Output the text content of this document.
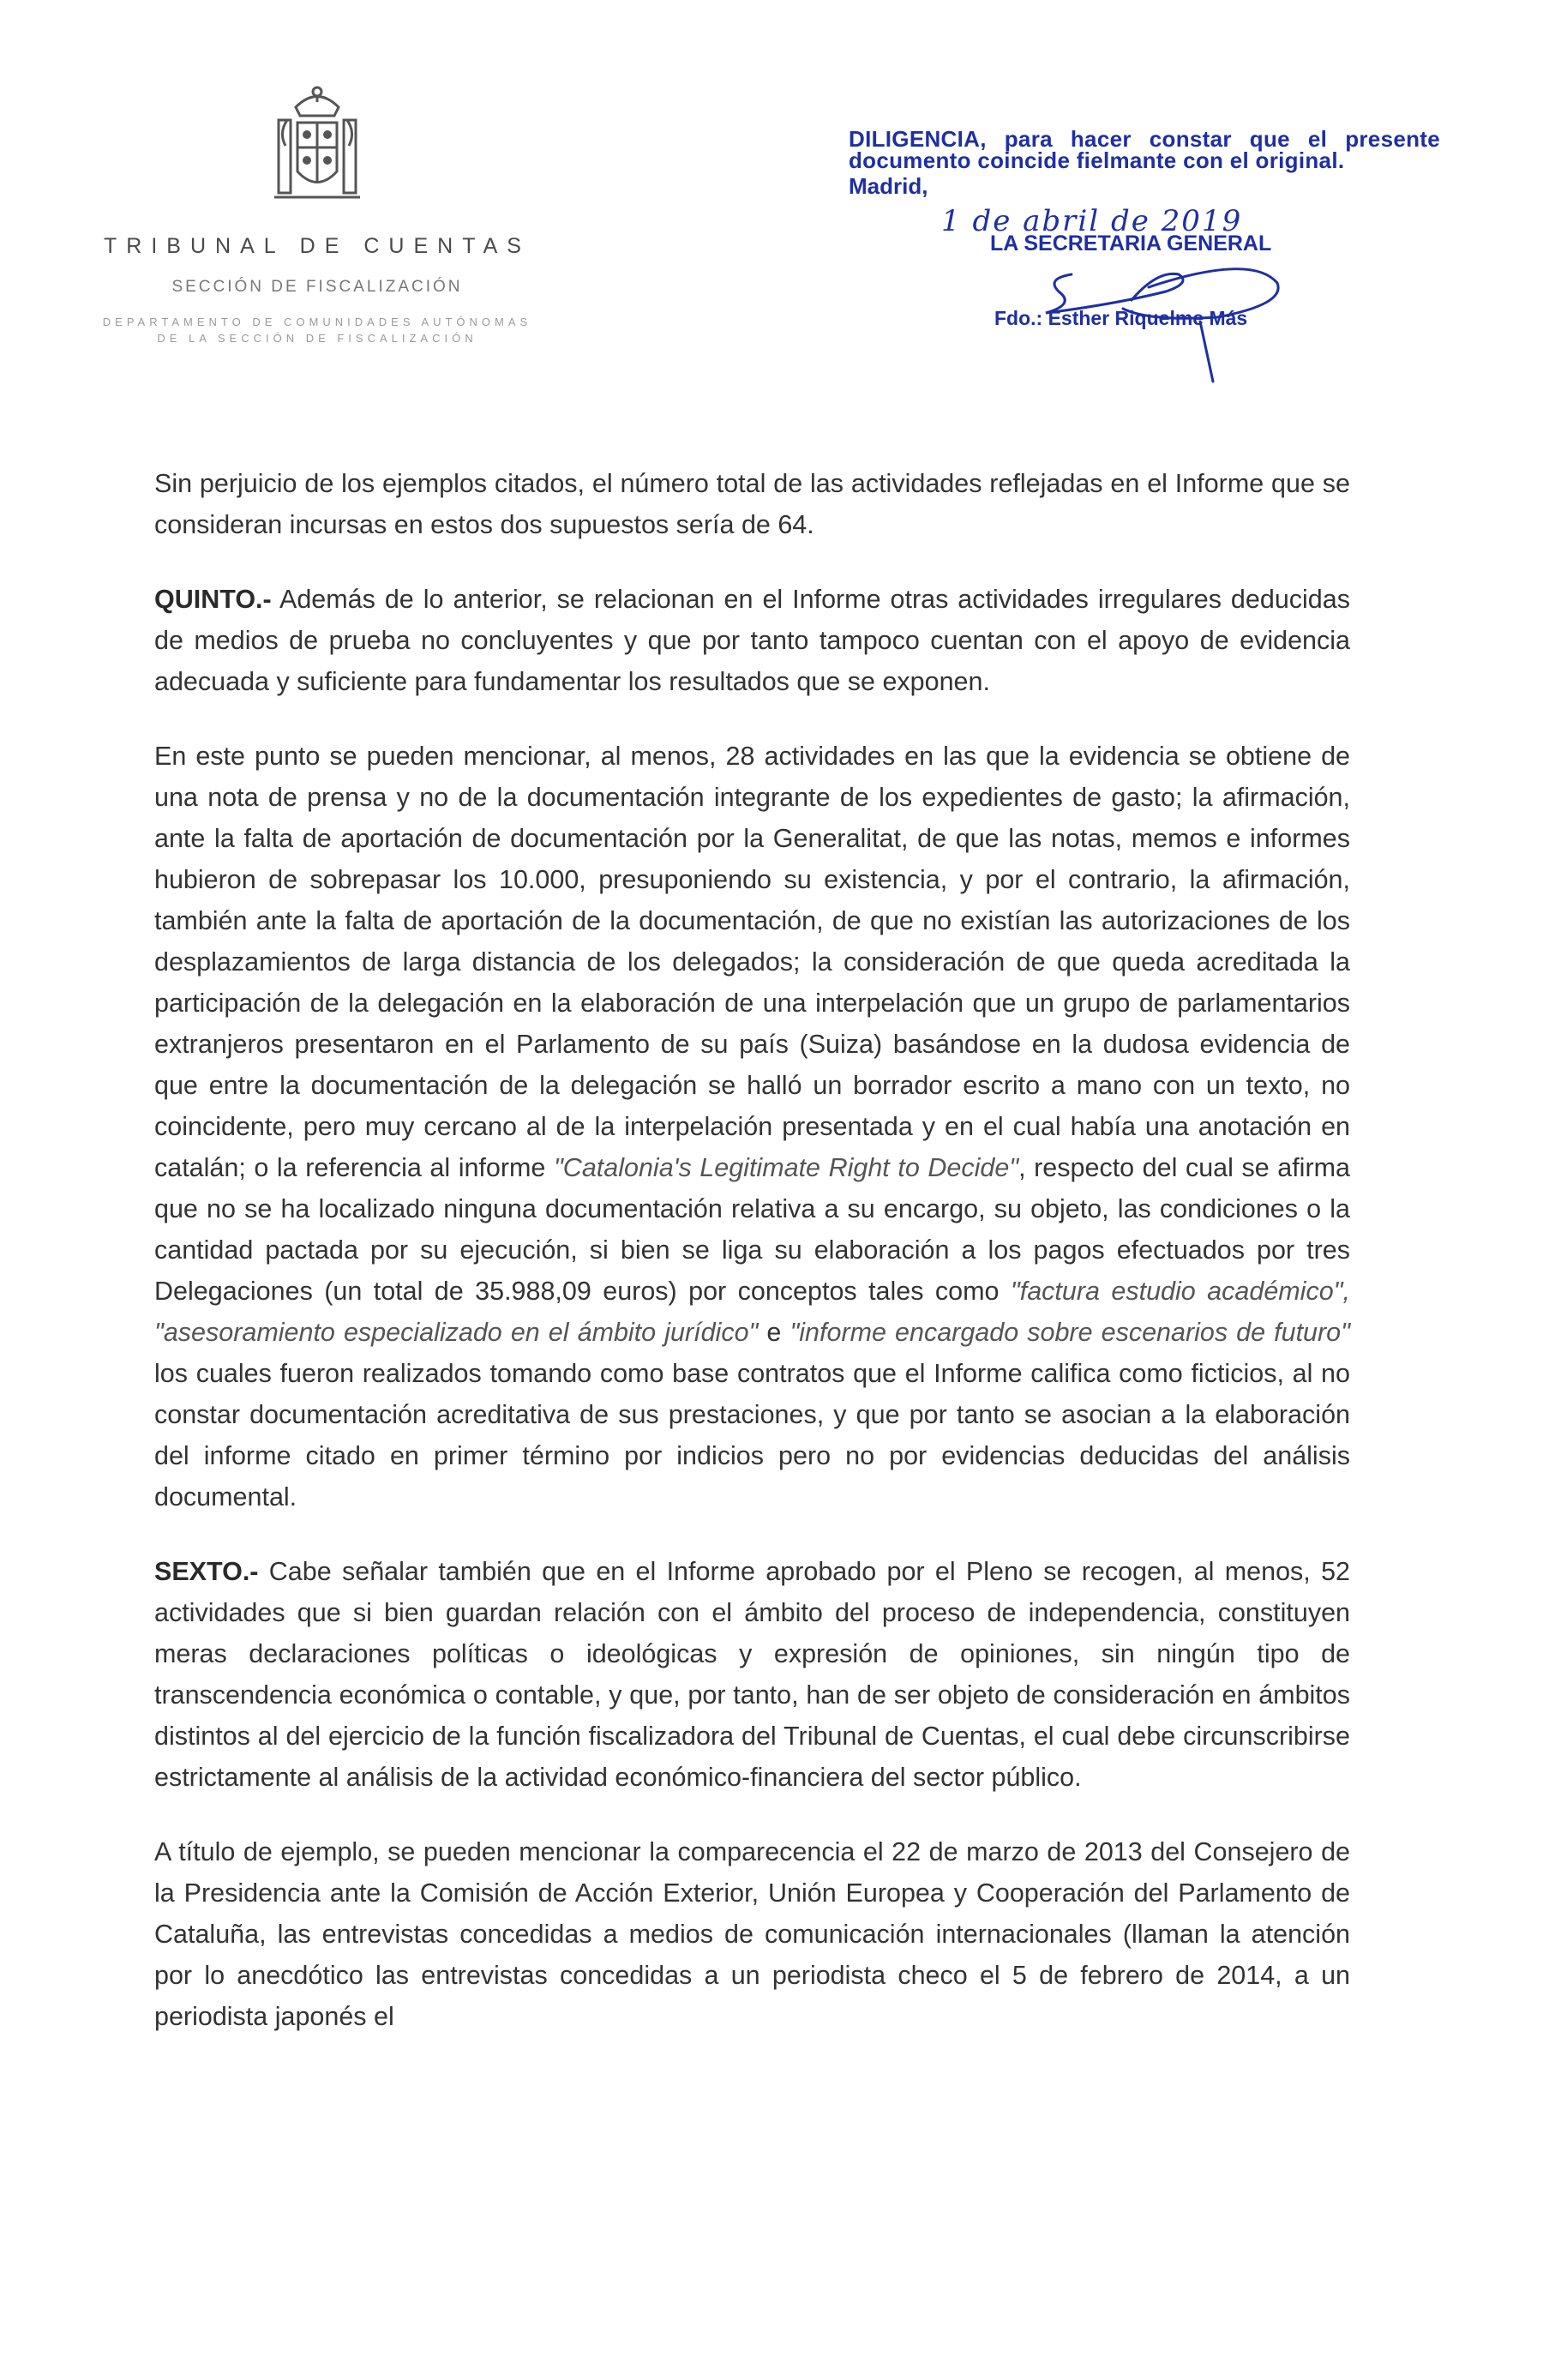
TRIBUNAL DE CUENTAS
SECCIÓN DE FISCALIZACIÓN
DEPARTAMENTO DE COMUNIDADES AUTÓNOMAS
DE LA SECCIÓN DE FISCALIZACIÓN
DILIGENCIA, para hacer constar que el presente documento coincide fielmante con el original.
Madrid,
1 de abril de 2019
LA SECRETARIA GENERAL
Fdo.: Esther Riquelme Más

Sin perjuicio de los ejemplos citados, el número total de las actividades reflejadas en el Informe que se consideran incursas en estos dos supuestos sería de 64.

QUINTO.- Además de lo anterior, se relacionan en el Informe otras actividades irregulares deducidas de medios de prueba no concluyentes y que por tanto tampoco cuentan con el apoyo de evidencia adecuada y suficiente para fundamentar los resultados que se exponen.

En este punto se pueden mencionar, al menos, 28 actividades en las que la evidencia se obtiene de una nota de prensa y no de la documentación integrante de los expedientes de gasto; la afirmación, ante la falta de aportación de documentación por la Generalitat, de que las notas, memos e informes hubieron de sobrepasar los 10.000, presuponiendo su existencia, y por el contrario, la afirmación, también ante la falta de aportación de la documentación, de que no existían las autorizaciones de los desplazamientos de larga distancia de los delegados; la consideración de que queda acreditada la participación de la delegación en la elaboración de una interpelación que un grupo de parlamentarios extranjeros presentaron en el Parlamento de su país (Suiza) basándose en la dudosa evidencia de que entre la documentación de la delegación se halló un borrador escrito a mano con un texto, no coincidente, pero muy cercano al de la interpelación presentada y en el cual había una anotación en catalán; o la referencia al informe "Catalonia's Legitimate Right to Decide", respecto del cual se afirma que no se ha localizado ninguna documentación relativa a su encargo, su objeto, las condiciones o la cantidad pactada por su ejecución, si bien se liga su elaboración a los pagos efectuados por tres Delegaciones (un total de 35.988,09 euros) por conceptos tales como "factura estudio académico", "asesoramiento especializado en el ámbito jurídico" e "informe encargado sobre escenarios de futuro" los cuales fueron realizados tomando como base contratos que el Informe califica como ficticios, al no constar documentación acreditativa de sus prestaciones, y que por tanto se asocian a la elaboración del informe citado en primer término por indicios pero no por evidencias deducidas del análisis documental.

SEXTO.- Cabe señalar también que en el Informe aprobado por el Pleno se recogen, al menos, 52 actividades que si bien guardan relación con el ámbito del proceso de independencia, constituyen meras declaraciones políticas o ideológicas y expresión de opiniones, sin ningún tipo de transcendencia económica o contable, y que, por tanto, han de ser objeto de consideración en ámbitos distintos al del ejercicio de la función fiscalizadora del Tribunal de Cuentas, el cual debe circunscribirse estrictamente al análisis de la actividad económico-financiera del sector público.

A título de ejemplo, se pueden mencionar la comparecencia el 22 de marzo de 2013 del Consejero de la Presidencia ante la Comisión de Acción Exterior, Unión Europea y Cooperación del Parlamento de Cataluña, las entrevistas concedidas a medios de comunicación internacionales (llaman la atención por lo anecdótico las entrevistas concedidas a un periodista checo el 5 de febrero de 2014, a un periodista japonés el
